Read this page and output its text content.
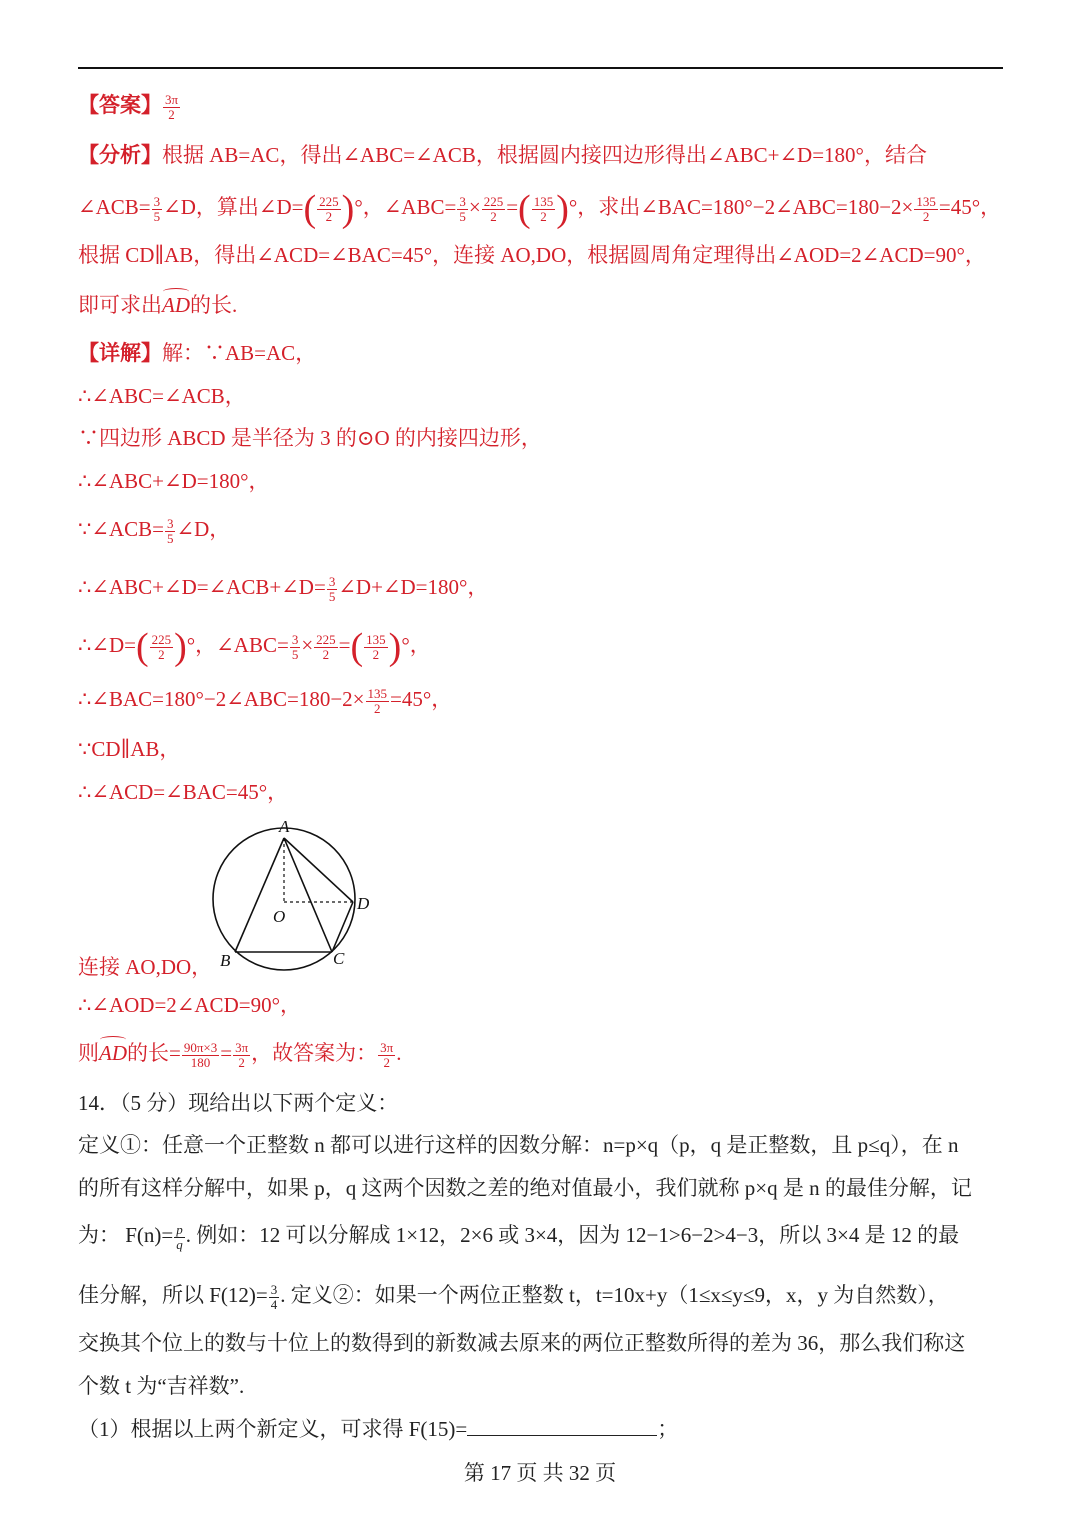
【答案】 $\frac{3\pi}{2}$
【分析】根据 AB=AC，得出∠ABC=∠ACB，根据圆内接四边形得出∠ABC+∠D=180°，结合
∠ACB= $\frac{3}{5}$ ∠D，算出∠D=( $\frac{225}{2}$ )°，∠ABC= $\frac{3}{5} \times \frac{225}{2}$ =( $\frac{135}{2}$ )°，求出∠BAC=180°−2∠ABC=180−2× $\frac{135}{2} =45^\circ$，
根据 CD∥AB，得出∠ACD=∠BAC=45°，连接 AO,DO，根据圆周角定理得出∠AOD=2∠ACD=90°，
即可求出AD的长.
【详解】解：∵AB=AC，
∴∠ABC=∠ACB，
∵四边形 ABCD 是半径为 3 的⊙O 的内接四边形，
∴∠ABC+∠D=180°，
∵∠ACB= $\frac{3}{5}$ ∠D，
∴∠ABC+∠D=∠ACB+∠D= $\frac{3}{5}$ ∠D+∠D=180°，
∴∠D=( $\frac{225}{2}$ )°，∠ABC= $\frac{3}{5} \times \frac{225}{2}$ =( $\frac{135}{2}$ )°，
∴∠BAC=180°−2∠ABC=180−2× $\frac{135}{2} =45^\circ$，
∵CD∥AB，
∴∠ACD=∠BAC=45°，
A
B	C
D
O
连接 AO,DO，
∴∠AOD=2∠ACD=90°，
则AD的长= $\frac{90\pi\times 3}{180} = \frac{3\pi}{2}$ ，故答案为： $\frac{3\pi}{2}$ .
14．（5 分）现给出以下两个定义：
定义①：任意一个正整数 n 都可以进行这样的因数分解：n=p×q（p，q 是正整数，且 p≤q），在 n
的所有这样分解中，如果 p，q 这两个因数之差的绝对值最小，我们就称 p×q 是 n 的最佳分解，记
为： $F(n)= \frac{p}{q}$ . 例如：12 可以分解成 1×12，2×6 或 3×4，因为 12−1>6−2>4−3，所以 3×4 是 12 的最
佳分解，所以 $F(12)= \frac{3}{4}$ . 定义②：如果一个两位正整数 t，t=10x+y（1≤x≤y≤9，x，y 为自然数），
交换其个位上的数与十位上的数得到的新数减去原来的两位正整数所得的差为 36，那么我们称这
个数 t 为“吉祥数”.
（1）根据以上两个新定义，可求得 F(15)=	；
第 17 页 共 32 页
